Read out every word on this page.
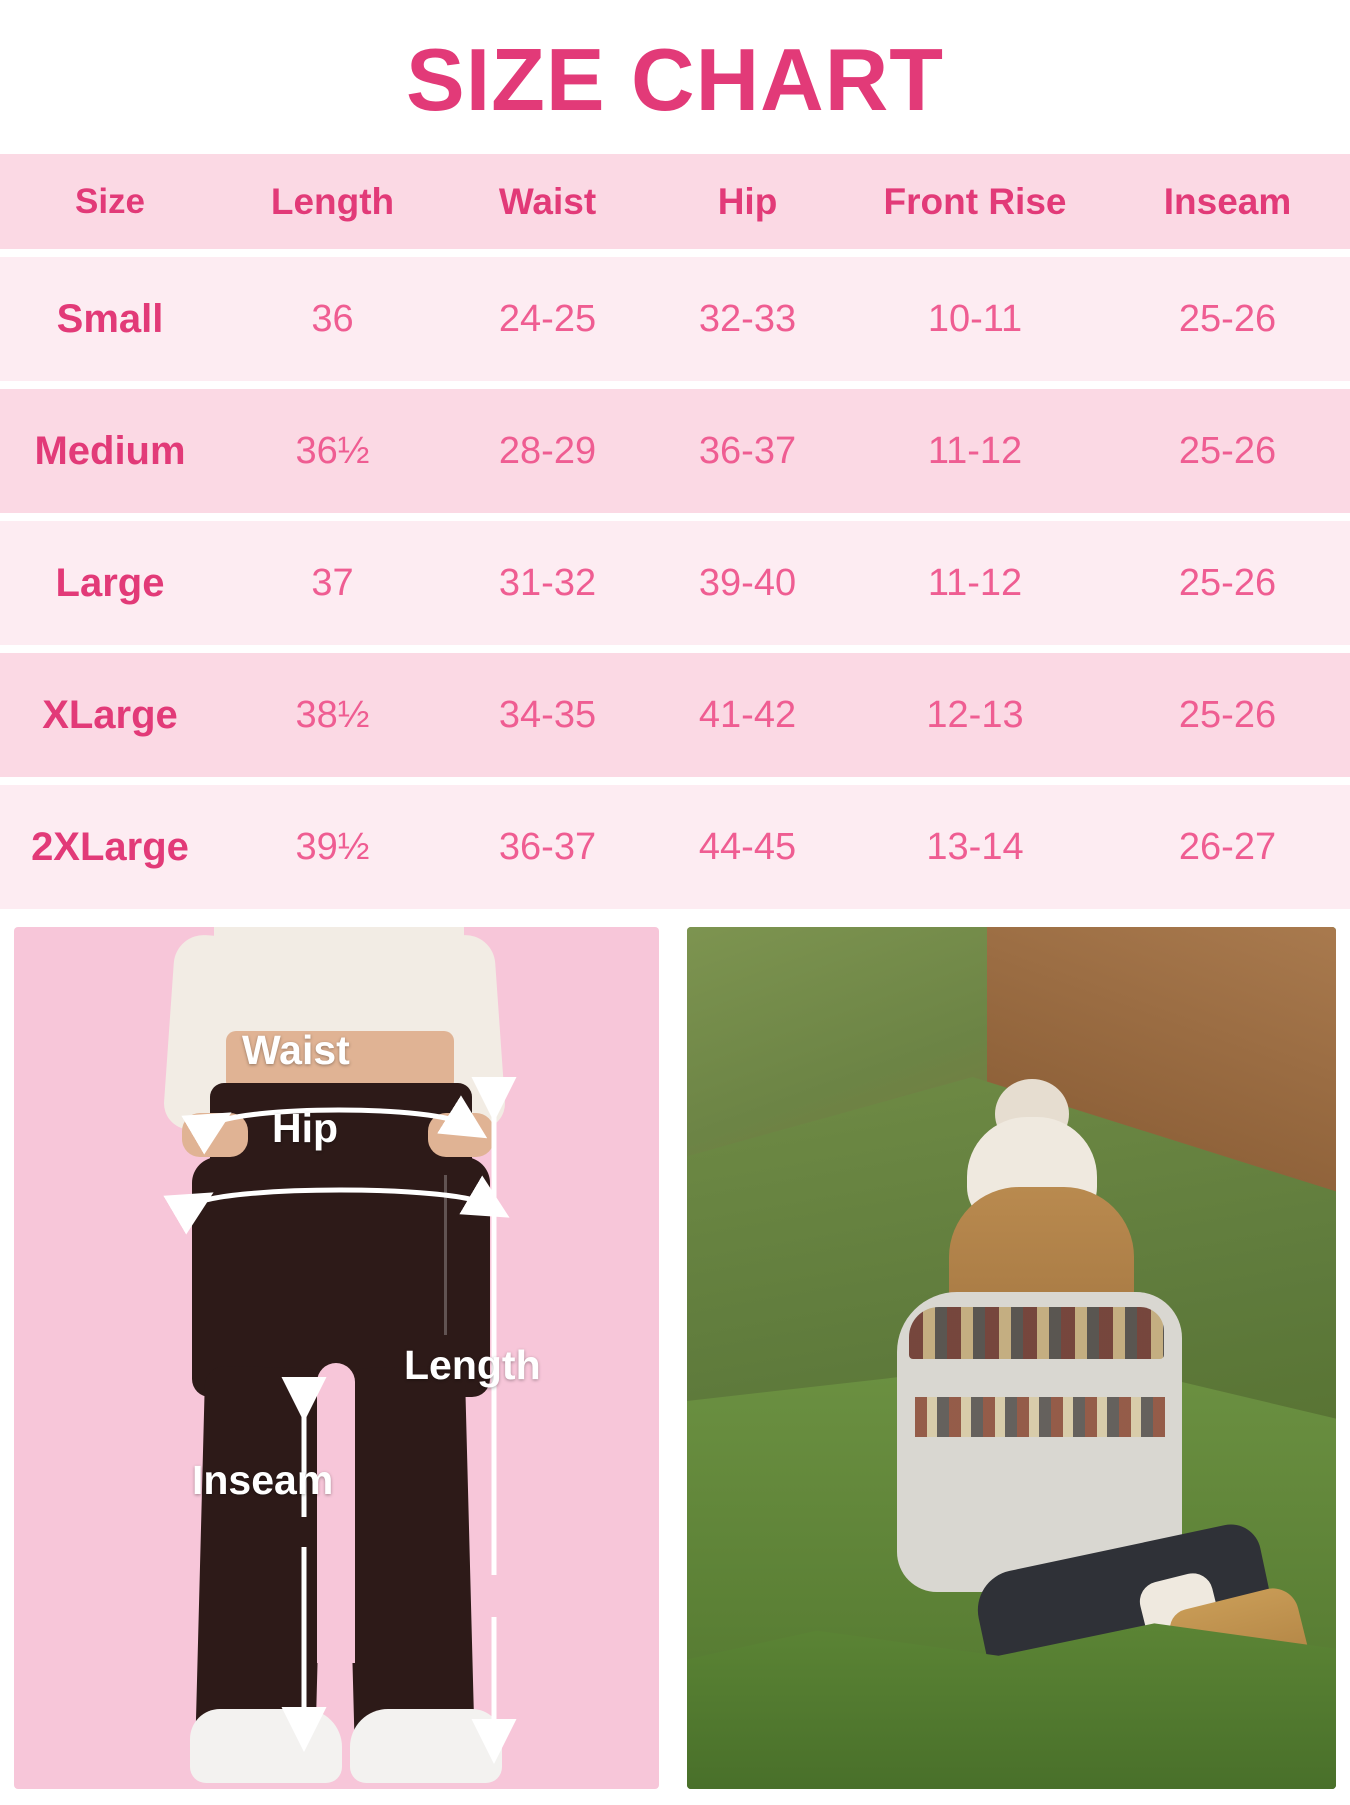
SIZE CHART
Size	Length	Waist	Hip	Front Rise	Inseam

Small	36	24-25	32-33	10-11	25-26

Medium	36½	28-29	36-37	11-12	25-26

Large	37	31-32	39-40	11-12	25-26

XLarge	38½	34-35	41-42	12-13	25-26

2XLarge	39½	36-37	44-45	13-14	26-27
Waist
Hip
Length
Inseam
